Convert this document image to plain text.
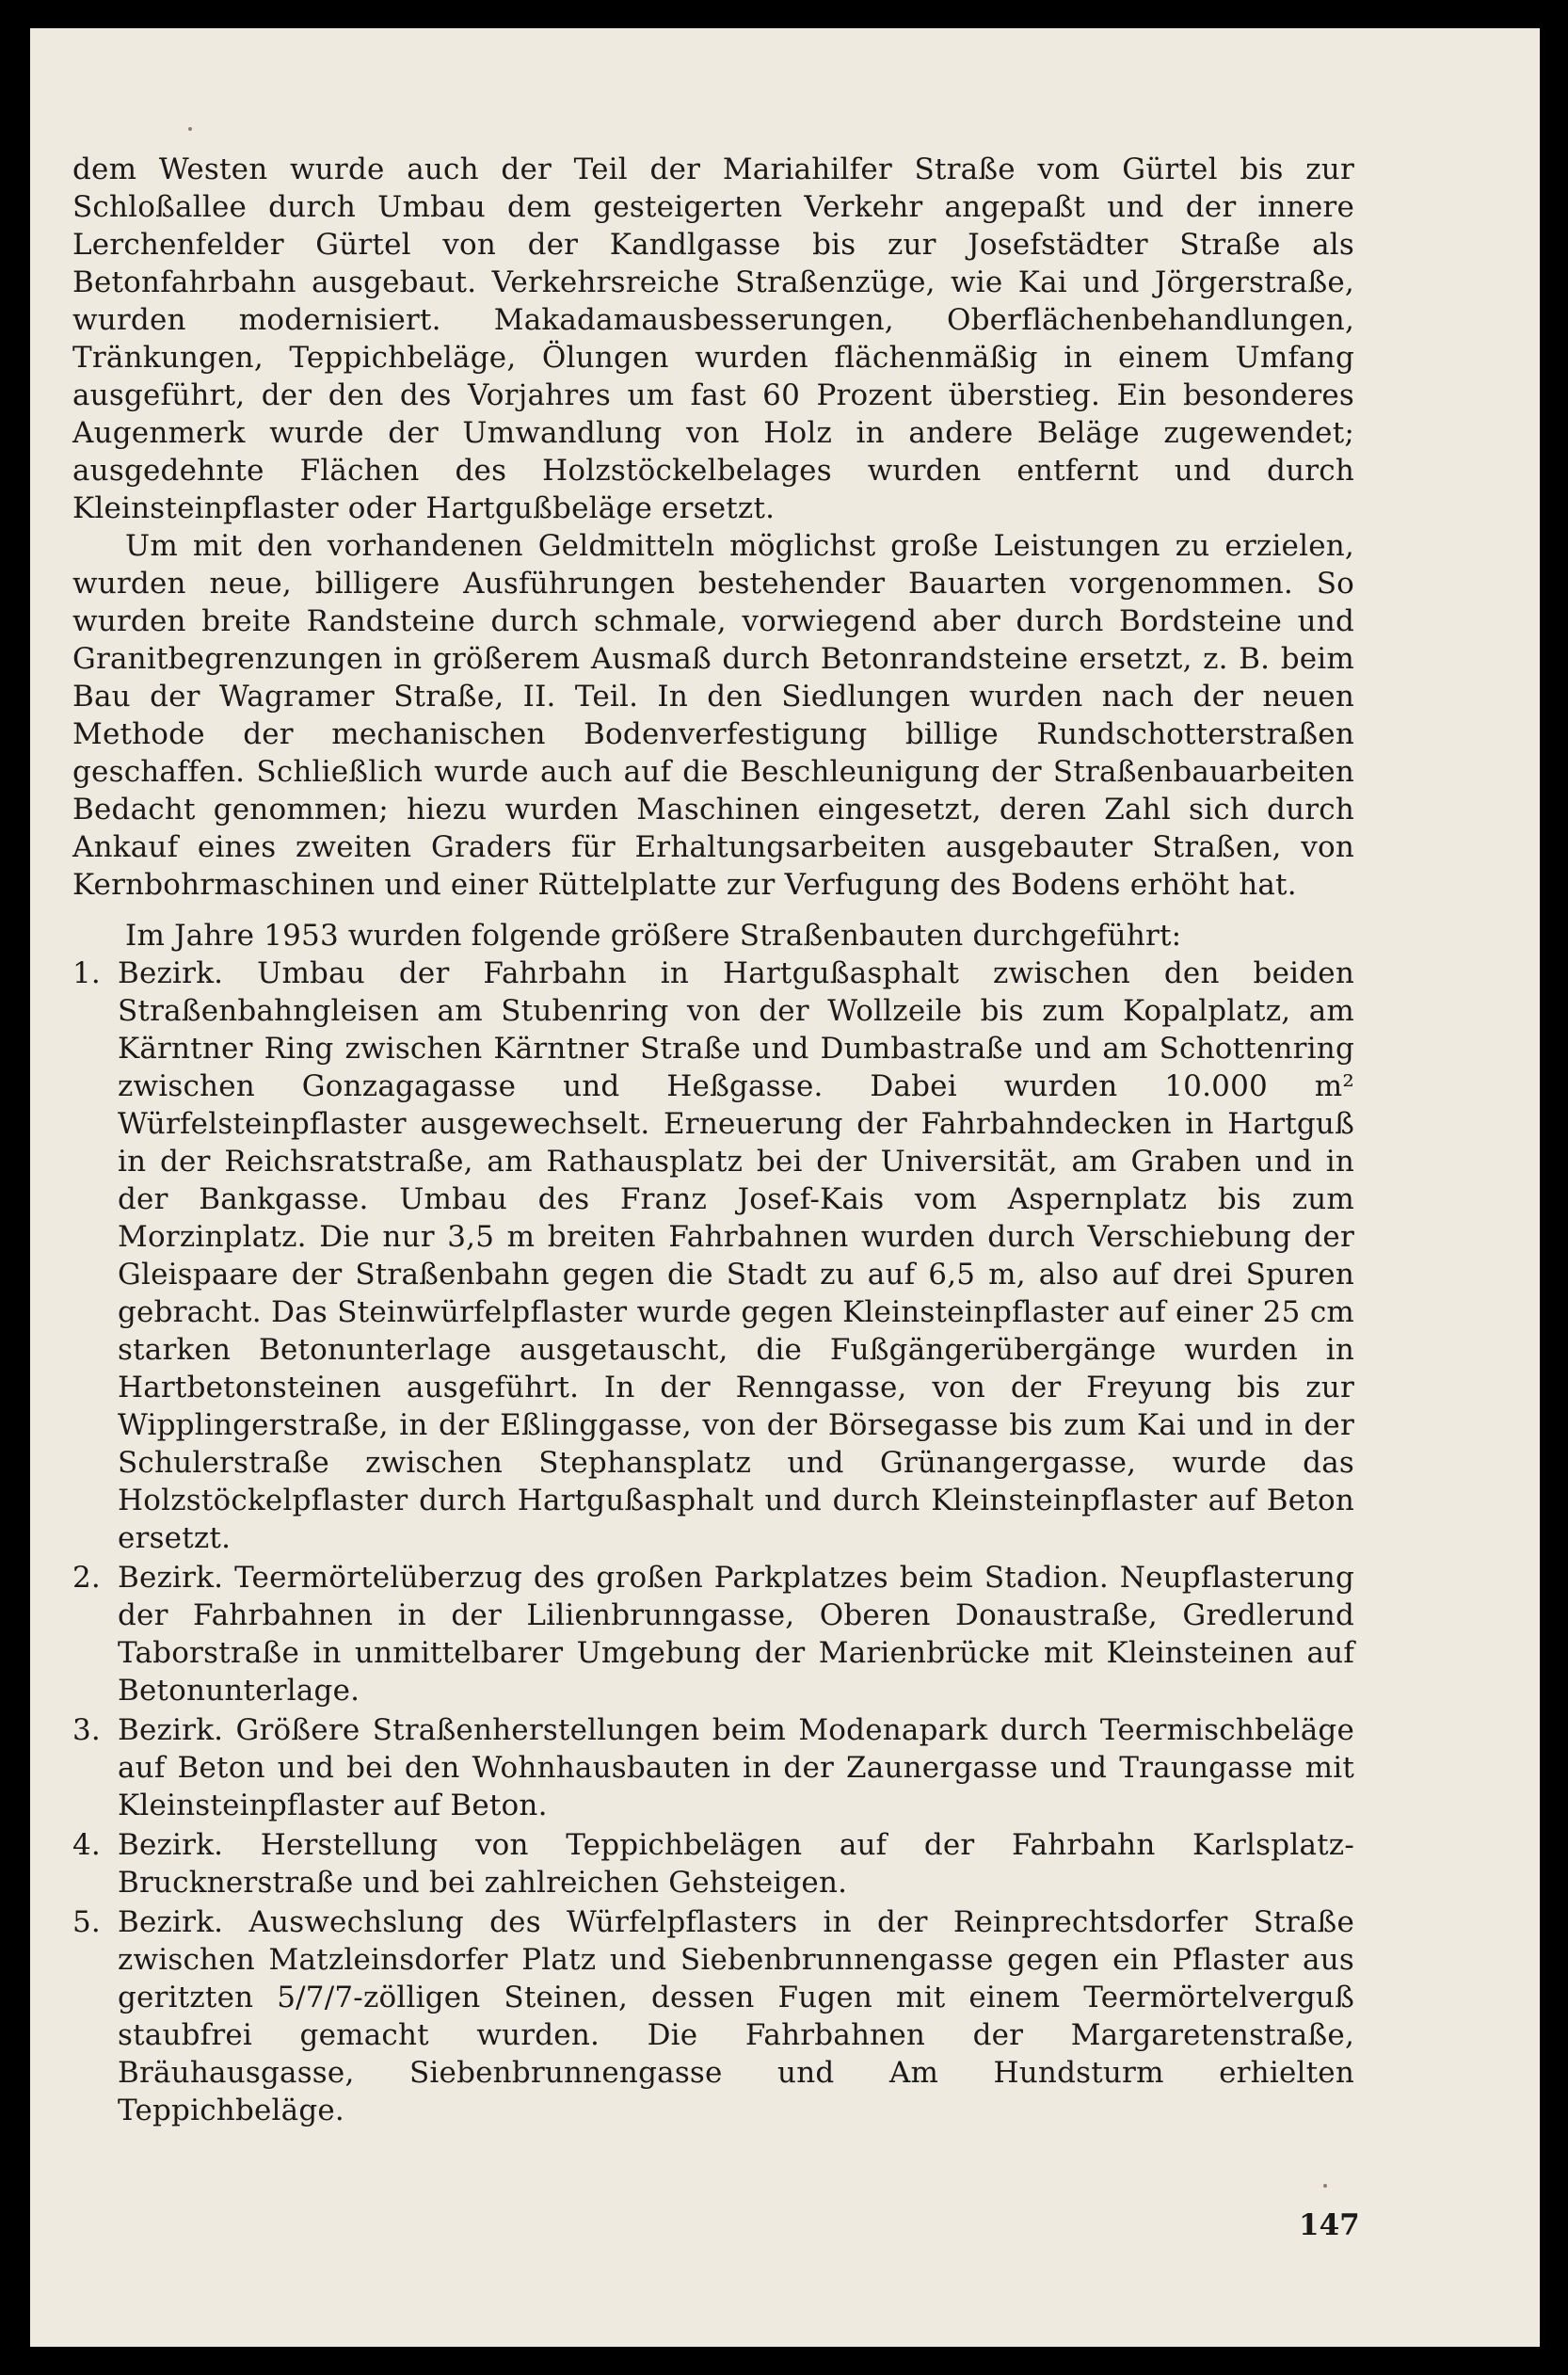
dem Westen wurde auch der Teil der Mariahilfer Straße vom Gürtel bis zur Schloßallee durch Umbau dem gesteigerten Verkehr angepaßt und der innere Lerchenfelder Gürtel von der Kandlgasse bis zur Josefstädter Straße als Betonfahrbahn ausgebaut. Verkehrsreiche Straßenzüge, wie Kai und Jörgerstraße, wurden modernisiert. Makadamausbesserungen, Oberflächenbehandlungen, Tränkungen, Teppichbeläge, Ölungen wurden flächenmäßig in einem Umfang ausgeführt, der den des Vorjahres um fast 60 Prozent überstieg. Ein besonderes Augenmerk wurde der Umwandlung von Holz in andere Beläge zugewendet; ausgedehnte Flächen des Holzstöckelbelages wurden entfernt und durch Kleinsteinpflaster oder Hartgußbeläge ersetzt.

Um mit den vorhandenen Geldmitteln möglichst große Leistungen zu erzielen, wurden neue, billigere Ausführungen bestehender Bauarten vorgenommen. So wurden breite Randsteine durch schmale, vorwiegend aber durch Bordsteine und Granitbegrenzungen in größerem Ausmaß durch Betonrandsteine ersetzt, z. B. beim Bau der Wagramer Straße, II. Teil. In den Siedlungen wurden nach der neuen Methode der mechanischen Bodenverfestigung billige Rundschotterstraßen geschaffen. Schließlich wurde auch auf die Beschleunigung der Straßenbauarbeiten Bedacht genommen; hiezu wurden Maschinen eingesetzt, deren Zahl sich durch Ankauf eines zweiten Graders für Erhaltungsarbeiten ausgebauter Straßen, von Kernbohrmaschinen und einer Rüttelplatte zur Verfugung des Bodens erhöht hat.

Im Jahre 1953 wurden folgende größere Straßenbauten durchgeführt:

1. Bezirk. Umbau der Fahrbahn in Hartgußasphalt zwischen den beiden Straßenbahngleisen am Stubenring von der Wollzeile bis zum Kopalplatz, am Kärntner Ring zwischen Kärntner Straße und Dumbastraße und am Schottenring zwischen Gonzagagasse und Heßgasse. Dabei wurden 10.000 m² Würfelsteinpflaster ausgewechselt. Erneuerung der Fahrbahndecken in Hartguß in der Reichsratstraße, am Rathausplatz bei der Universität, am Graben und in der Bankgasse. Umbau des Franz Josef-Kais vom Aspernplatz bis zum Morzinplatz. Die nur 3,5 m breiten Fahrbahnen wurden durch Verschiebung der Gleispaare der Straßenbahn gegen die Stadt zu auf 6,5 m, also auf drei Spuren gebracht. Das Steinwürfelpflaster wurde gegen Kleinsteinpflaster auf einer 25 cm starken Betonunterlage ausgetauscht, die Fußgängerübergänge wurden in Hartbetonsteinen ausgeführt. In der Renngasse, von der Freyung bis zur Wipplingerstraße, in der Eßlinggasse, von der Börsegasse bis zum Kai und in der Schulerstraße zwischen Stephansplatz und Grünangergasse, wurde das Holzstöckelpflaster durch Hartgußasphalt und durch Kleinsteinpflaster auf Beton ersetzt.
2. Bezirk. Teermörtelüberzug des großen Parkplatzes beim Stadion. Neupflasterung der Fahrbahnen in der Lilienbrunngasse, Oberen Donaustraße, Gredlerund Taborstraße in unmittelbarer Umgebung der Marienbrücke mit Kleinsteinen auf Betonunterlage.
3. Bezirk. Größere Straßenherstellungen beim Modenapark durch Teermischbeläge auf Beton und bei den Wohnhausbauten in der Zaunergasse und Traungasse mit Kleinsteinpflaster auf Beton.
4. Bezirk. Herstellung von Teppichbelägen auf der Fahrbahn Karlsplatz-Brucknerstraße und bei zahlreichen Gehsteigen.
5. Bezirk. Auswechslung des Würfelpflasters in der Reinprechtsdorfer Straße zwischen Matzleinsdorfer Platz und Siebenbrunnengasse gegen ein Pflaster aus geritzten 5/7/7-zölligen Steinen, dessen Fugen mit einem Teermörtelverguß staubfrei gemacht wurden. Die Fahrbahnen der Margaretenstraße, Bräuhausgasse, Siebenbrunnengasse und Am Hundsturm erhielten Teppichbeläge.
147
